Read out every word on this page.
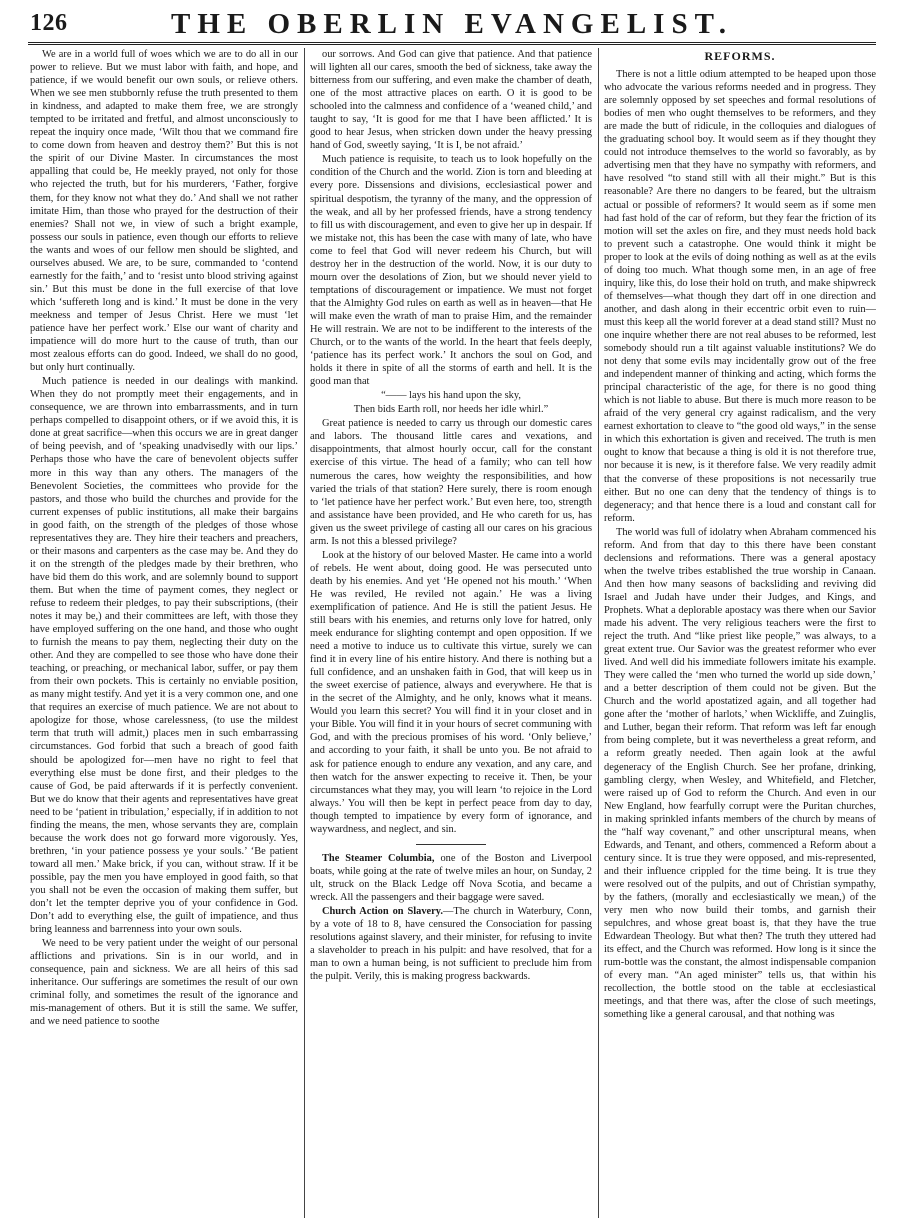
126	THE OBERLIN EVANGELIST.

We are in a world full of woes which we are to do all in our power to relieve. But we must labor with faith, and hope, and patience, if we would benefit our own souls, or relieve others. When we see men stubbornly refuse the truth presented to them in kindness, and adapted to make them free, we are strongly tempted to be irritated and fretful, and almost unconsciously to repeat the inquiry once made, ‘Wilt thou that we command fire to come down from heaven and destroy them?’ But this is not the spirit of our Divine Master. In circumstances the most appalling that could be, He meekly prayed, not only for those who rejected the truth, but for his murderers, ‘Father, forgive them, for they know not what they do.’ And shall we not rather imitate Him, than those who prayed for the destruction of their enemies? Shall not we, in view of such a bright example, possess our souls in patience, even though our efforts to relieve the wants and woes of our fellow men should be slighted, and ourselves abused. We are, to be sure, commanded to ‘contend earnestly for the faith,’ and to ‘resist unto blood striving against sin.’ But this must be done in the full exercise of that love which ‘suffereth long and is kind.’ It must be done in the very meekness and temper of Jesus Christ. Here we must ‘let patience have her perfect work.’ Else our want of charity and impatience will do more hurt to the cause of truth, than our most zealous efforts can do good. Indeed, we shall do no good, but only hurt continually.

Much patience is needed in our dealings with mankind. When they do not promptly meet their engagements, and in consequence, we are thrown into embarrassments, and in turn perhaps compelled to disappoint others, or if we avoid this, it is done at great sacrifice—when this occurs we are in great danger of being peevish, and of ‘speaking unadvisedly with our lips.’ Perhaps those who have the care of benevolent objects suffer more in this way than any others. The managers of the Benevolent Societies, the committees who provide for the pastors, and those who build the churches and provide for the current expenses of public institutions, all make their bargains in good faith, on the strength of the pledges of those whose representatives they are. They hire their teachers and preachers, or their masons and carpenters as the case may be. And they do it on the strength of the pledges made by their brethren, who have bid them do this work, and are solemnly bound to support them. But when the time of payment comes, they neglect or refuse to redeem their pledges, to pay their subscriptions, (their notes it may be,) and their committees are left, with those they have employed suffering on the one hand, and those who ought to furnish the means to pay them, neglecting their duty on the other. And they are compelled to see those who have done their teaching, or preaching, or mechanical labor, suffer, or pay them from their own pockets. This is certainly no enviable position, as many might testify. And yet it is a very common one, and one that requires an exercise of much patience. We are not about to apologize for those, whose carelessness, (to use the mildest term that truth will admit,) places men in such embarrassing circumstances. God forbid that such a breach of good faith should be apologized for—men have no right to feel that everything else must be done first, and their pledges to the cause of God, be paid afterwards if it is perfectly convenient. But we do know that their agents and representatives have great need to be ‘patient in tribulation,’ especially, if in addition to not finding the means, the men, whose servants they are, complain because the work does not go forward more vigorously. Yes, brethren, ‘in your patience possess ye your souls.’ ‘Be patient toward all men.’ Make brick, if you can, without straw. If it be possible, pay the men you have employed in good faith, so that you shall not be even the occasion of making them suffer, but don’t let the tempter deprive you of your confidence in God. Don’t add to everything else, the guilt of impatience, and thus bring leanness and barrenness into your own souls.

We need to be very patient under the weight of our personal afflictions and privations. Sin is in our world, and in consequence, pain and sickness. We are all heirs of this sad inheritance. Our sufferings are sometimes the result of our own criminal folly, and sometimes the result of the ignorance and mis-management of others. But it is still the same. We suffer, and we need patience to soothe

our sorrows. And God can give that patience. And that patience will lighten all our cares, smooth the bed of sickness, take away the bitterness from our suffering, and even make the chamber of death, one of the most attractive places on earth. O it is good to be schooled into the calmness and confidence of a ‘weaned child,’ and taught to say, ‘It is good for me that I have been afflicted.’ It is good to hear Jesus, when stricken down under the heavy pressing hand of God, sweetly saying, ‘It is I, be not afraid.’

Much patience is requisite, to teach us to look hopefully on the condition of the Church and the world. Zion is torn and bleeding at every pore. Dissensions and divisions, ecclesiastical power and spiritual despotism, the tyranny of the many, and the oppression of the weak, and all by her professed friends, have a strong tendency to fill us with discouragement, and even to give her up in despair. If we mistake not, this has been the case with many of late, who have come to feel that God will never redeem his Church, but will destroy her in the destruction of the world. Now, it is our duty to mourn over the desolations of Zion, but we should never yield to temptations of discouragement or impatience. We must not forget that the Almighty God rules on earth as well as in heaven—that He will make even the wrath of man to praise Him, and the remainder He will restrain. We are not to be indifferent to the interests of the Church, or to the wants of the world. In the heart that feels deeply, ‘patience has its perfect work.’ It anchors the soul on God, and holds it there in spite of all the storms of earth and hell. It is the good man that

“—— lays his hand upon the sky,

Then bids Earth roll, nor heeds her idle whirl.”

Great patience is needed to carry us through our domestic cares and labors. The thousand little cares and vexations, and disappointments, that almost hourly occur, call for the constant exercise of this virtue. The head of a family; who can tell how numerous the cares, how weighty the responsibilities, and how varied the trials of that station? Here surely, there is room enough to ‘let patience have her perfect work.’ But even here, too, strength and assistance have been provided, and He who careth for us, has given us the sweet privilege of casting all our cares on his gracious arm. Is not this a blessed privilege?

Look at the history of our beloved Master. He came into a world of rebels. He went about, doing good. He was persecuted unto death by his enemies. And yet ‘He opened not his mouth.’ ‘When He was reviled, He reviled not again.’ He was a living exemplification of patience. And He is still the patient Jesus. He still bears with his enemies, and returns only love for hatred, only meek endurance for slighting contempt and open opposition. If we need a motive to induce us to cultivate this virtue, surely we can find it in every line of his entire history. And there is nothing but a full confidence, and an unshaken faith in God, that will keep us in the sweet exercise of patience, always and everywhere. He that is in the secret of the Almighty, and he only, knows what it means. Would you learn this secret? You will find it in your closet and in your Bible. You will find it in your hours of secret communing with God, and with the precious promises of his word. ‘Only believe,’ and according to your faith, it shall be unto you. Be not afraid to ask for patience enough to endure any vexation, and any care, and then watch for the answer expecting to receive it. Then, be your circumstances what they may, you will learn ‘to rejoice in the Lord always.’ You will then be kept in perfect peace from day to day, though tempted to impatience by every form of ignorance, and waywardness, and neglect, and sin.

The Steamer Columbia, one of the Boston and Liverpool boats, while going at the rate of twelve miles an hour, on Sunday, 2 ult, struck on the Black Ledge off Nova Scotia, and became a wreck. All the passengers and their baggage were saved.

Church Action on Slavery.—The church in Waterbury, Conn, by a vote of 18 to 8, have censured the Consociation for passing resolutions against slavery, and their minister, for refusing to invite a slaveholder to preach in his pulpit: and have resolved, that for a man to own a human being, is not sufficient to preclude him from the pulpit. Verily, this is making progress backwards.

REFORMS.

There is not a little odium attempted to be heaped upon those who advocate the various reforms needed and in progress. They are solemnly opposed by set speeches and formal resolutions of bodies of men who ought themselves to be reformers, and they are made the butt of ridicule, in the colloquies and dialogues of the graduating school boy. It would seem as if they thought they could not introduce themselves to the world so favorably, as by advertising men that they have no sympathy with reformers, and have resolved “to stand still with all their might.” But is this reasonable? Are there no dangers to be feared, but the ultraism actual or possible of reformers? It would seem as if some men had fast hold of the car of reform, but they fear the friction of its motion will set the axles on fire, and they must needs hold back to prevent such a catastrophe. One would think it might be proper to look at the evils of doing nothing as well as at the evils of doing too much. What though some men, in an age of free inquiry, like this, do lose their hold on truth, and make shipwreck of themselves—what though they dart off in one direction and another, and dash along in their eccentric orbit even to ruin—must this keep all the world forever at a dead stand still? Must no one inquire whether there are not real abuses to be reformed, lest somebody should run a tilt against valuable institutions? We do not deny that some evils may incidentally grow out of the free and independent manner of thinking and acting, which forms the principal characteristic of the age, for there is no good thing which is not liable to abuse. But there is much more reason to be afraid of the very general cry against radicalism, and the very earnest exhortation to cleave to “the good old ways,” in the sense in which this exhortation is given and received. The truth is men ought to know that because a thing is old it is not therefore true, nor because it is new, is it therefore false. We very readily admit that the converse of these propositions is not necessarily true either. But no one can deny that the tendency of things is to degeneracy; and that hence there is a loud and constant call for reform.

The world was full of idolatry when Abraham commenced his reform. And from that day to this there have been constant declensions and reformations. There was a general apostacy when the twelve tribes established the true worship in Canaan. And then how many seasons of backsliding and reviving did Israel and Judah have under their Judges, and Kings, and Prophets. What a deplorable apostacy was there when our Savior made his advent. The very religious teachers were the first to reject the truth. And “like priest like people,” was always, to a great extent true. Our Savior was the greatest reformer who ever lived. And well did his immediate followers imitate his example. They were called the ‘men who turned the world up side down,’ and a better description of them could not be given. But the Church and the world apostatized again, and all together had gone after the ‘mother of harlots,’ when Wickliffe, and Zuinglis, and Luther, began their reform. That reform was left far enough from being complete, but it was nevertheless a great reform, and a reform greatly needed. Then again look at the awful degeneracy of the English Church. See her profane, drinking, gambling clergy, when Wesley, and Whitefield, and Fletcher, were raised up of God to reform the Church. And even in our New England, how fearfully corrupt were the Puritan churches, in making sprinkled infants members of the church by means of the “half way covenant,” and other unscriptural means, when Edwards, and Tenant, and others, commenced a Reform about a century since. It is true they were opposed, and mis-represented, and their influence crippled for the time being. It is true they were resolved out of the pulpits, and out of Christian sympathy, by the fathers, (morally and ecclesiastically we mean,) of the very men who now build their tombs, and garnish their sepulchres, and whose great boast is, that they have the true Edwardean Theology. But what then? The truth they uttered had its effect, and the Church was reformed. How long is it since the rum-bottle was the constant, the almost indispensable companion of every man. “An aged minister” tells us, that within his recollection, the bottle stood on the table at ecclesiastical meetings, and that there was, after the close of such meetings, something like a general carousal, and that nothing was
